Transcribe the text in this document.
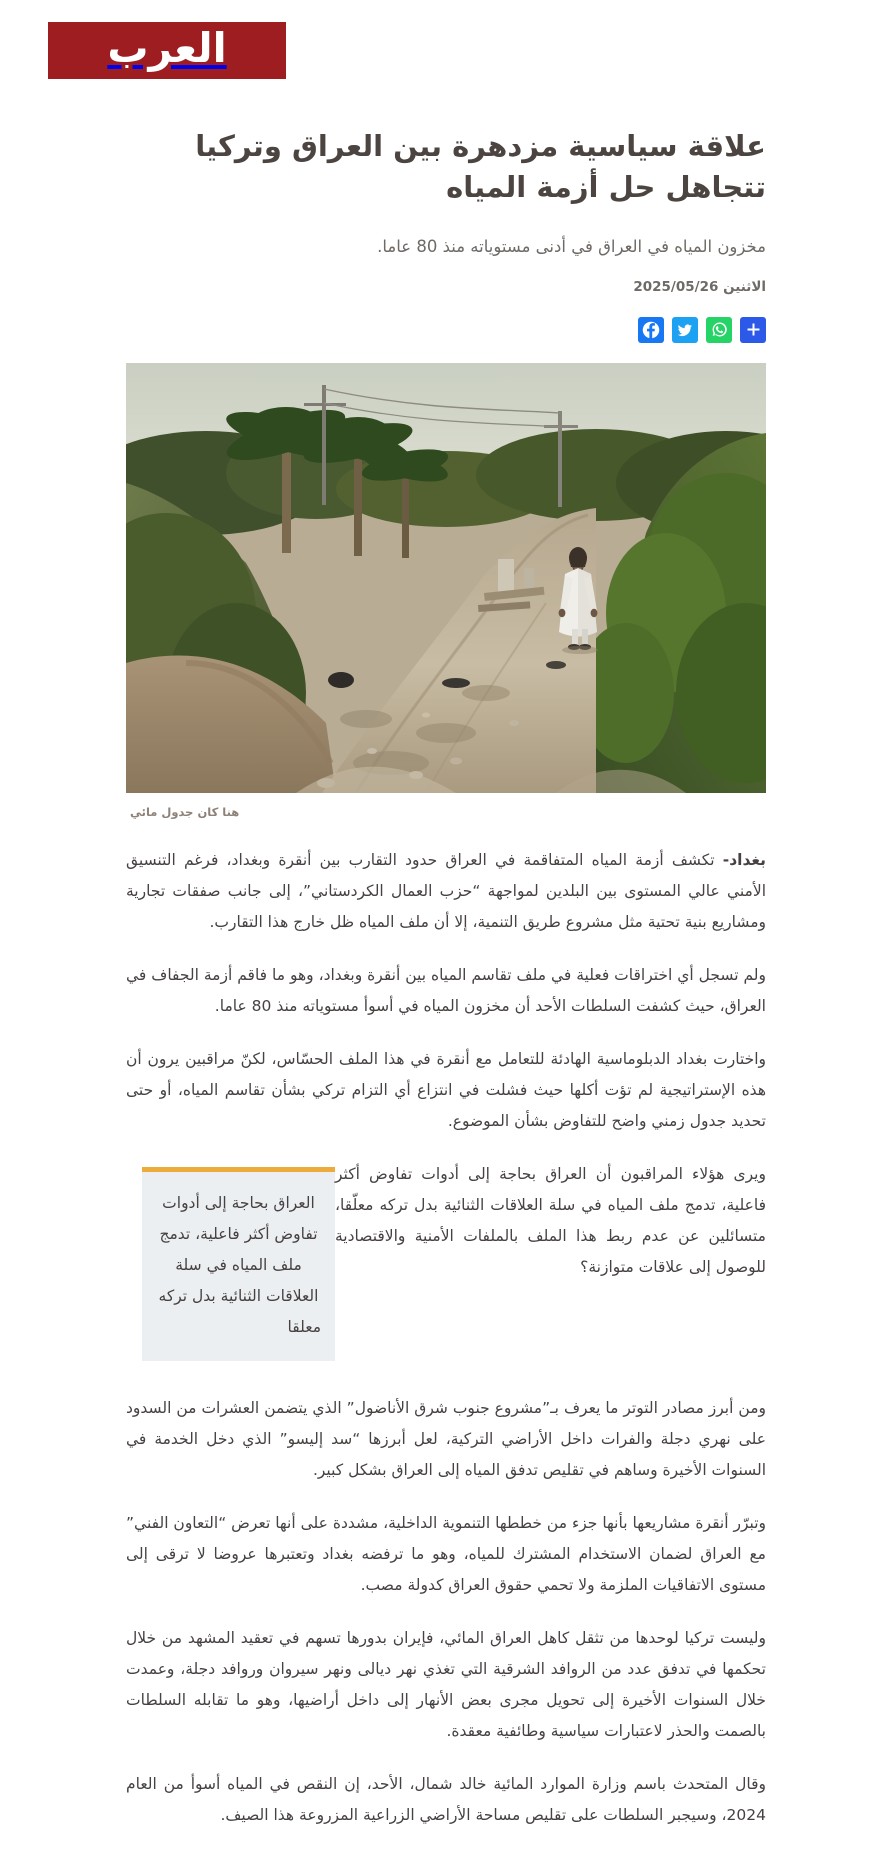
العرب
علاقة سياسية مزدهرة بين العراق وتركيا تتجاهل حل أزمة المياه

مخزون المياه في العراق في أدنى مستوياته منذ 80 عاما.

الاثنين 2025/05/26

هنا كان جدول مائي

بغداد- تكشف أزمة المياه المتفاقمة في العراق حدود التقارب بين أنقرة وبغداد، فرغم التنسيق الأمني عالي المستوى بين البلدين لمواجهة “حزب العمال الكردستاني”، إلى جانب صفقات تجارية ومشاريع بنية تحتية مثل مشروع طريق التنمية، إلا أن ملف المياه ظل خارج هذا التقارب.

ولم تسجل أي اختراقات فعلية في ملف تقاسم المياه بين أنقرة وبغداد، وهو ما فاقم أزمة الجفاف في العراق، حيث كشفت السلطات الأحد أن مخزون المياه في أسوأ مستوياته منذ 80 عاما.

واختارت بغداد الدبلوماسية الهادئة للتعامل مع أنقرة في هذا الملف الحسّاس، لكنّ مراقبين يرون أن هذه الإستراتيجية لم تؤت أكلها حيث فشلت في انتزاع أي التزام تركي بشأن تقاسم المياه، أو حتى تحديد جدول زمني واضح للتفاوض بشأن الموضوع.

العراق بحاجة إلى أدوات تفاوض أكثر فاعلية، تدمج ملف المياه في سلة العلاقات الثنائية بدل تركه معلقا
ويرى هؤلاء المراقبون أن العراق بحاجة إلى أدوات تفاوض أكثر فاعلية، تدمج ملف المياه في سلة العلاقات الثنائية بدل تركه معلّقا، متسائلين عن عدم ربط هذا الملف بالملفات الأمنية والاقتصادية للوصول إلى علاقات متوازنة؟

ومن أبرز مصادر التوتر ما يعرف بـ”مشروع جنوب شرق الأناضول” الذي يتضمن العشرات من السدود على نهري دجلة والفرات داخل الأراضي التركية، لعل أبرزها “سد إليسو” الذي دخل الخدمة في السنوات الأخيرة وساهم في تقليص تدفق المياه إلى العراق بشكل كبير.

وتبرّر أنقرة مشاريعها بأنها جزء من خططها التنموية الداخلية، مشددة على أنها تعرض “التعاون الفني” مع العراق لضمان الاستخدام المشترك للمياه، وهو ما ترفضه بغداد وتعتبرها عروضا لا ترقى إلى مستوى الاتفاقيات الملزمة ولا تحمي حقوق العراق كدولة مصب.

وليست تركيا لوحدها من تثقل كاهل العراق المائي، فإيران بدورها تسهم في تعقيد المشهد من خلال تحكمها في تدفق عدد من الروافد الشرقية التي تغذي نهر ديالى ونهر سيروان وروافد دجلة، وعمدت خلال السنوات الأخيرة إلى تحويل مجرى بعض الأنهار إلى داخل أراضيها، وهو ما تقابله السلطات بالصمت والحذر لاعتبارات سياسية وطائفية معقدة.

وقال المتحدث باسم وزارة الموارد المائية خالد شمال، الأحد، إن النقص في المياه أسوأ من العام 2024، وسيجبر السلطات على تقليص مساحة الأراضي الزراعية المزروعة هذا الصيف.
